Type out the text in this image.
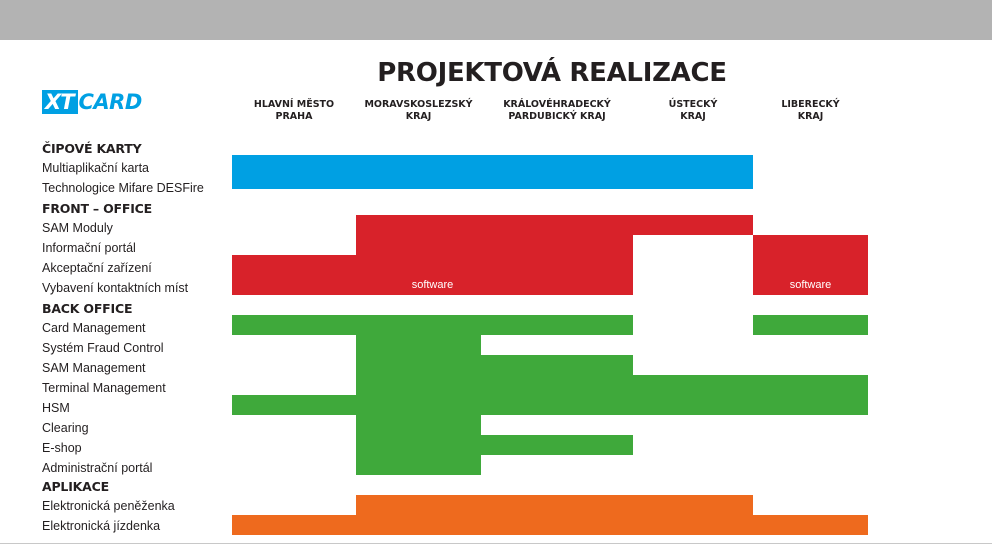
PROJEKTOVÁ REALIZACE
XT CARD	HLAVNÍ MĚSTO
PRAHA
MORAVSKOSLEZSKÝ
KRAJ
KRÁLOVÉHRADECKÝ
PARDUBICKÝ KRAJ
ÚSTECKÝ
KRAJ
LIBERECKÝ
KRAJ
ČIPOVÉ KARTY
Multiaplikační karta
Technologice Mifare DESFire
FRONT – OFFICE
SAM Moduly
Informační portál
Akceptační zařízení
Vybavení kontaktních míst
BACK OFFICE
Card Management
Systém Fraud Control
SAM Management
Terminal Management
HSM
Clearing
E-shop
Administrační portál
APLIKACE
Elektronická peněženka
Elektronická jízdenka
software	software
